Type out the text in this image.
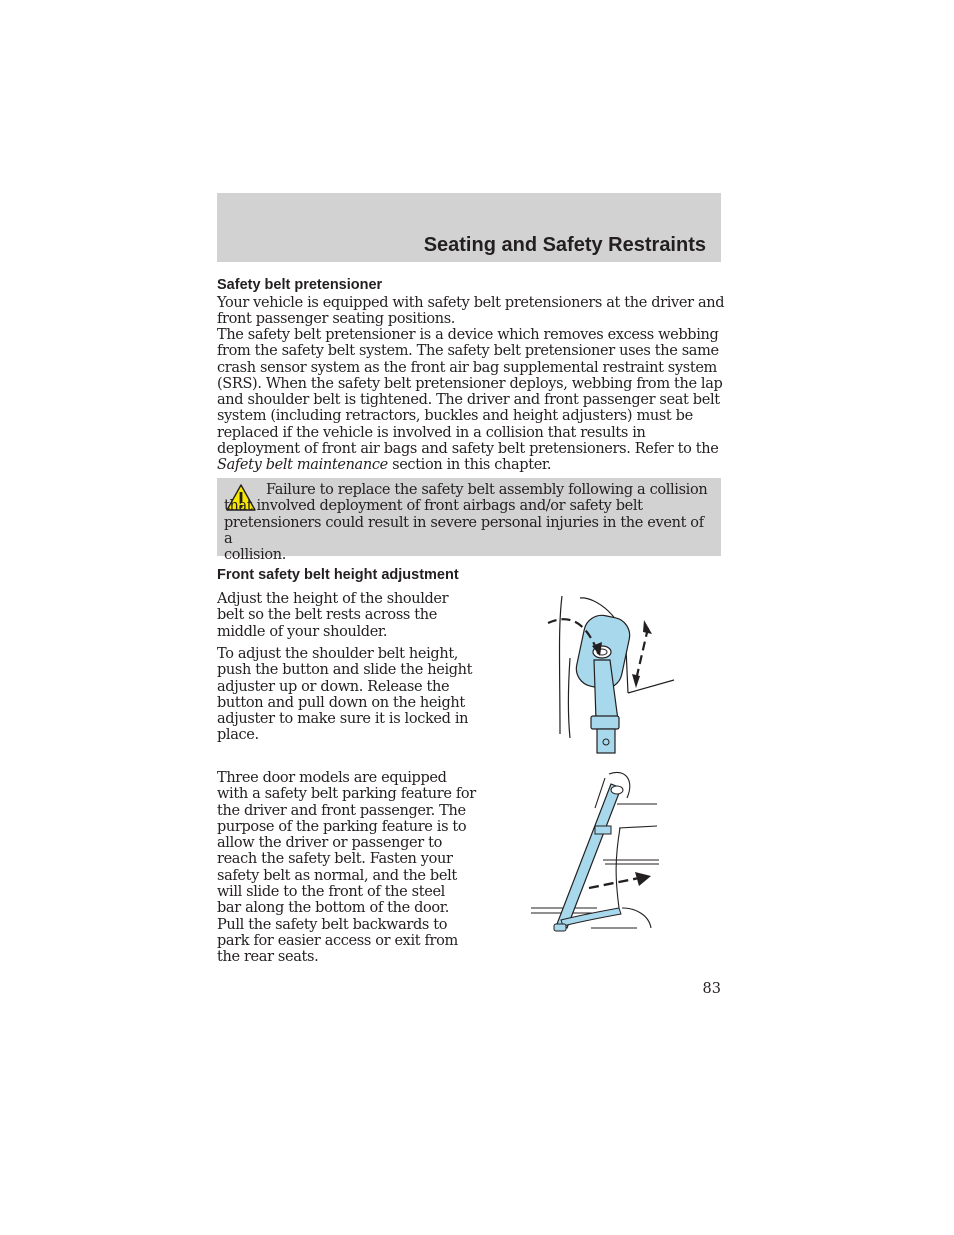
Seating and Safety Restraints
Safety belt pretensioner

Your vehicle is equipped with safety belt pretensioners at the driver and
front passenger seating positions.

The safety belt pretensioner is a device which removes excess webbing
from the safety belt system. The safety belt pretensioner uses the same
crash sensor system as the front air bag supplemental restraint system
(SRS). When the safety belt pretensioner deploys, webbing from the lap
and shoulder belt is tightened. The driver and front passenger seat belt
system (including retractors, buckles and height adjusters) must be
replaced if the vehicle is involved in a collision that results in
deployment of front air bags and safety belt pretensioners. Refer to the
Safety belt maintenance section in this chapter.

Failure to replace the safety belt assembly following a collision
that involved deployment of front airbags and/or safety belt
pretensioners could result in severe personal injuries in the event of a
collision.

Front safety belt height adjustment

Adjust the height of the shoulder
belt so the belt rests across the
middle of your shoulder.

To adjust the shoulder belt height,
push the button and slide the height
adjuster up or down. Release the
button and pull down on the height
adjuster to make sure it is locked in
place.

Three door models are equipped
with a safety belt parking feature for
the driver and front passenger. The
purpose of the parking feature is to
allow the driver or passenger to
reach the safety belt. Fasten your
safety belt as normal, and the belt
will slide to the front of the steel
bar along the bottom of the door.
Pull the safety belt backwards to
park for easier access or exit from
the rear seats.

83
